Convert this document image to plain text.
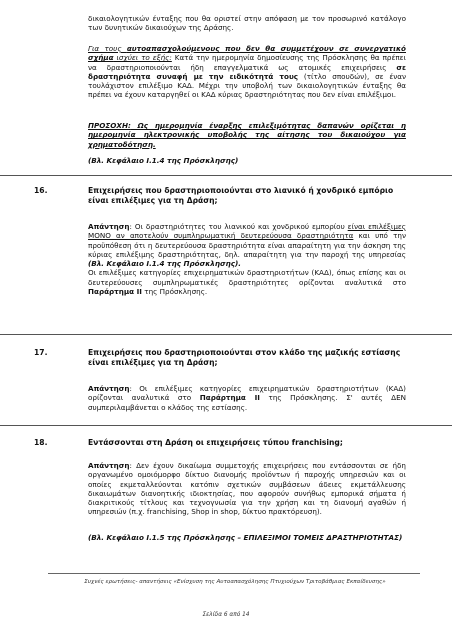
δικαιολογητικών ένταξης που θα οριστεί στην απόφαση με τον προσωρινό κατάλογο των δυνητικών δικαιούχων της Δράσης.

Για τους αυτοαπασχολούμενους που δεν θα συμμετέχουν σε συνεργατικό σχήμα ισχύει το εξής: Κατά την ημερομηνία δημοσίευσης της Πρόσκλησης θα πρέπει να δραστηριοποιούνται ήδη επαγγελματικά ως ατομικές επιχειρήσεις σε δραστηριότητα συναφή με την ειδικότητά τους (τίτλο σπουδών), σε έναν τουλάχιστον επιλέξιμο ΚΑΔ. Μέχρι την υποβολή των δικαιολογητικών ένταξης θα πρέπει να έχουν καταργηθεί οι ΚΑΔ κύριας δραστηριότητας που δεν είναι επιλέξιμοι.

ΠΡΟΣΟΧΗ: Ως ημερομηνία έναρξης επιλεξιμότητας δαπανών ορίζεται η ημερομηνία ηλεκτρονικής υποβολής της αίτησης του δικαιούχου για χρηματοδότηση.

(Βλ. Κεφάλαιο Ι.1.4 της Πρόσκλησης)

16.	Επιχειρήσεις που δραστηριοποιούνται στο λιανικό ή χονδρικό εμπόριο είναι επιλέξιμες για τη Δράση;

Απάντηση: Οι δραστηριότητες του λιανικού και χονδρικού εμπορίου είναι επιλέξιμες ΜΟΝΟ αν αποτελούν συμπληρωματική δευτερεύουσα δραστηριότητα και υπό την προϋπόθεση ότι η δευτερεύουσα δραστηριότητα είναι απαραίτητη για την άσκηση της κύριας επιλέξιμης δραστηριότητας, δηλ. απαραίτητη για την παροχή της υπηρεσίας (Βλ. Κεφάλαιο Ι.1.4 της Πρόσκλησης).

Οι επιλέξιμες κατηγορίες επιχειρηματικών δραστηριοτήτων (ΚΑΔ), όπως επίσης και οι δευτερεύουσες συμπληρωματικές δραστηριότητες ορίζονται αναλυτικά στο Παράρτημα ΙΙ της Πρόσκλησης.

17.	Επιχειρήσεις που δραστηριοποιούνται στον κλάδο της μαζικής εστίασης είναι επιλέξιμες για τη Δράση;

Απάντηση: Οι επιλέξιμες κατηγορίες επιχειρηματικών δραστηριοτήτων (ΚΑΔ) ορίζονται αναλυτικά στο Παράρτημα ΙΙ της Πρόσκλησης. Σ' αυτές ΔΕΝ συμπεριλαμβάνεται ο κλάδος της εστίασης.

18.	Εντάσσονται στη Δράση οι επιχειρήσεις τύπου franchising;

Απάντηση: Δεν έχουν δικαίωμα συμμετοχής επιχειρήσεις που εντάσσονται σε ήδη οργανωμένο ομοιόμορφο δίκτυο διανομής προϊόντων ή παροχής υπηρεσιών και οι οποίες εκμεταλλεύονται κατόπιν σχετικών συμβάσεων άδειες εκμετάλλευσης δικαιωμάτων διανοητικής ιδιοκτησίας, που αφορούν συνήθως εμπορικά σήματα ή διακριτικούς τίτλους και τεχνογνωσία για την χρήση και τη διανομή αγαθών ή υπηρεσιών (π.χ. franchising, Shop in shop, δίκτυο πρακτόρευση).

(Βλ. Κεφάλαιο Ι.1.5 της Πρόσκλησης – ΕΠΙΛΕΞΙΜΟΙ ΤΟΜΕΙΣ ΔΡΑΣΤΗΡΙΟΤΗΤΑΣ)

Συχνές ερωτήσεις- απαντήσεις «Ενίσχυση της Αυτοαπασχόλησης Πτυχιούχων Τριτοβάθμιας Εκπαίδευσης»
Σελίδα 6 από 14
